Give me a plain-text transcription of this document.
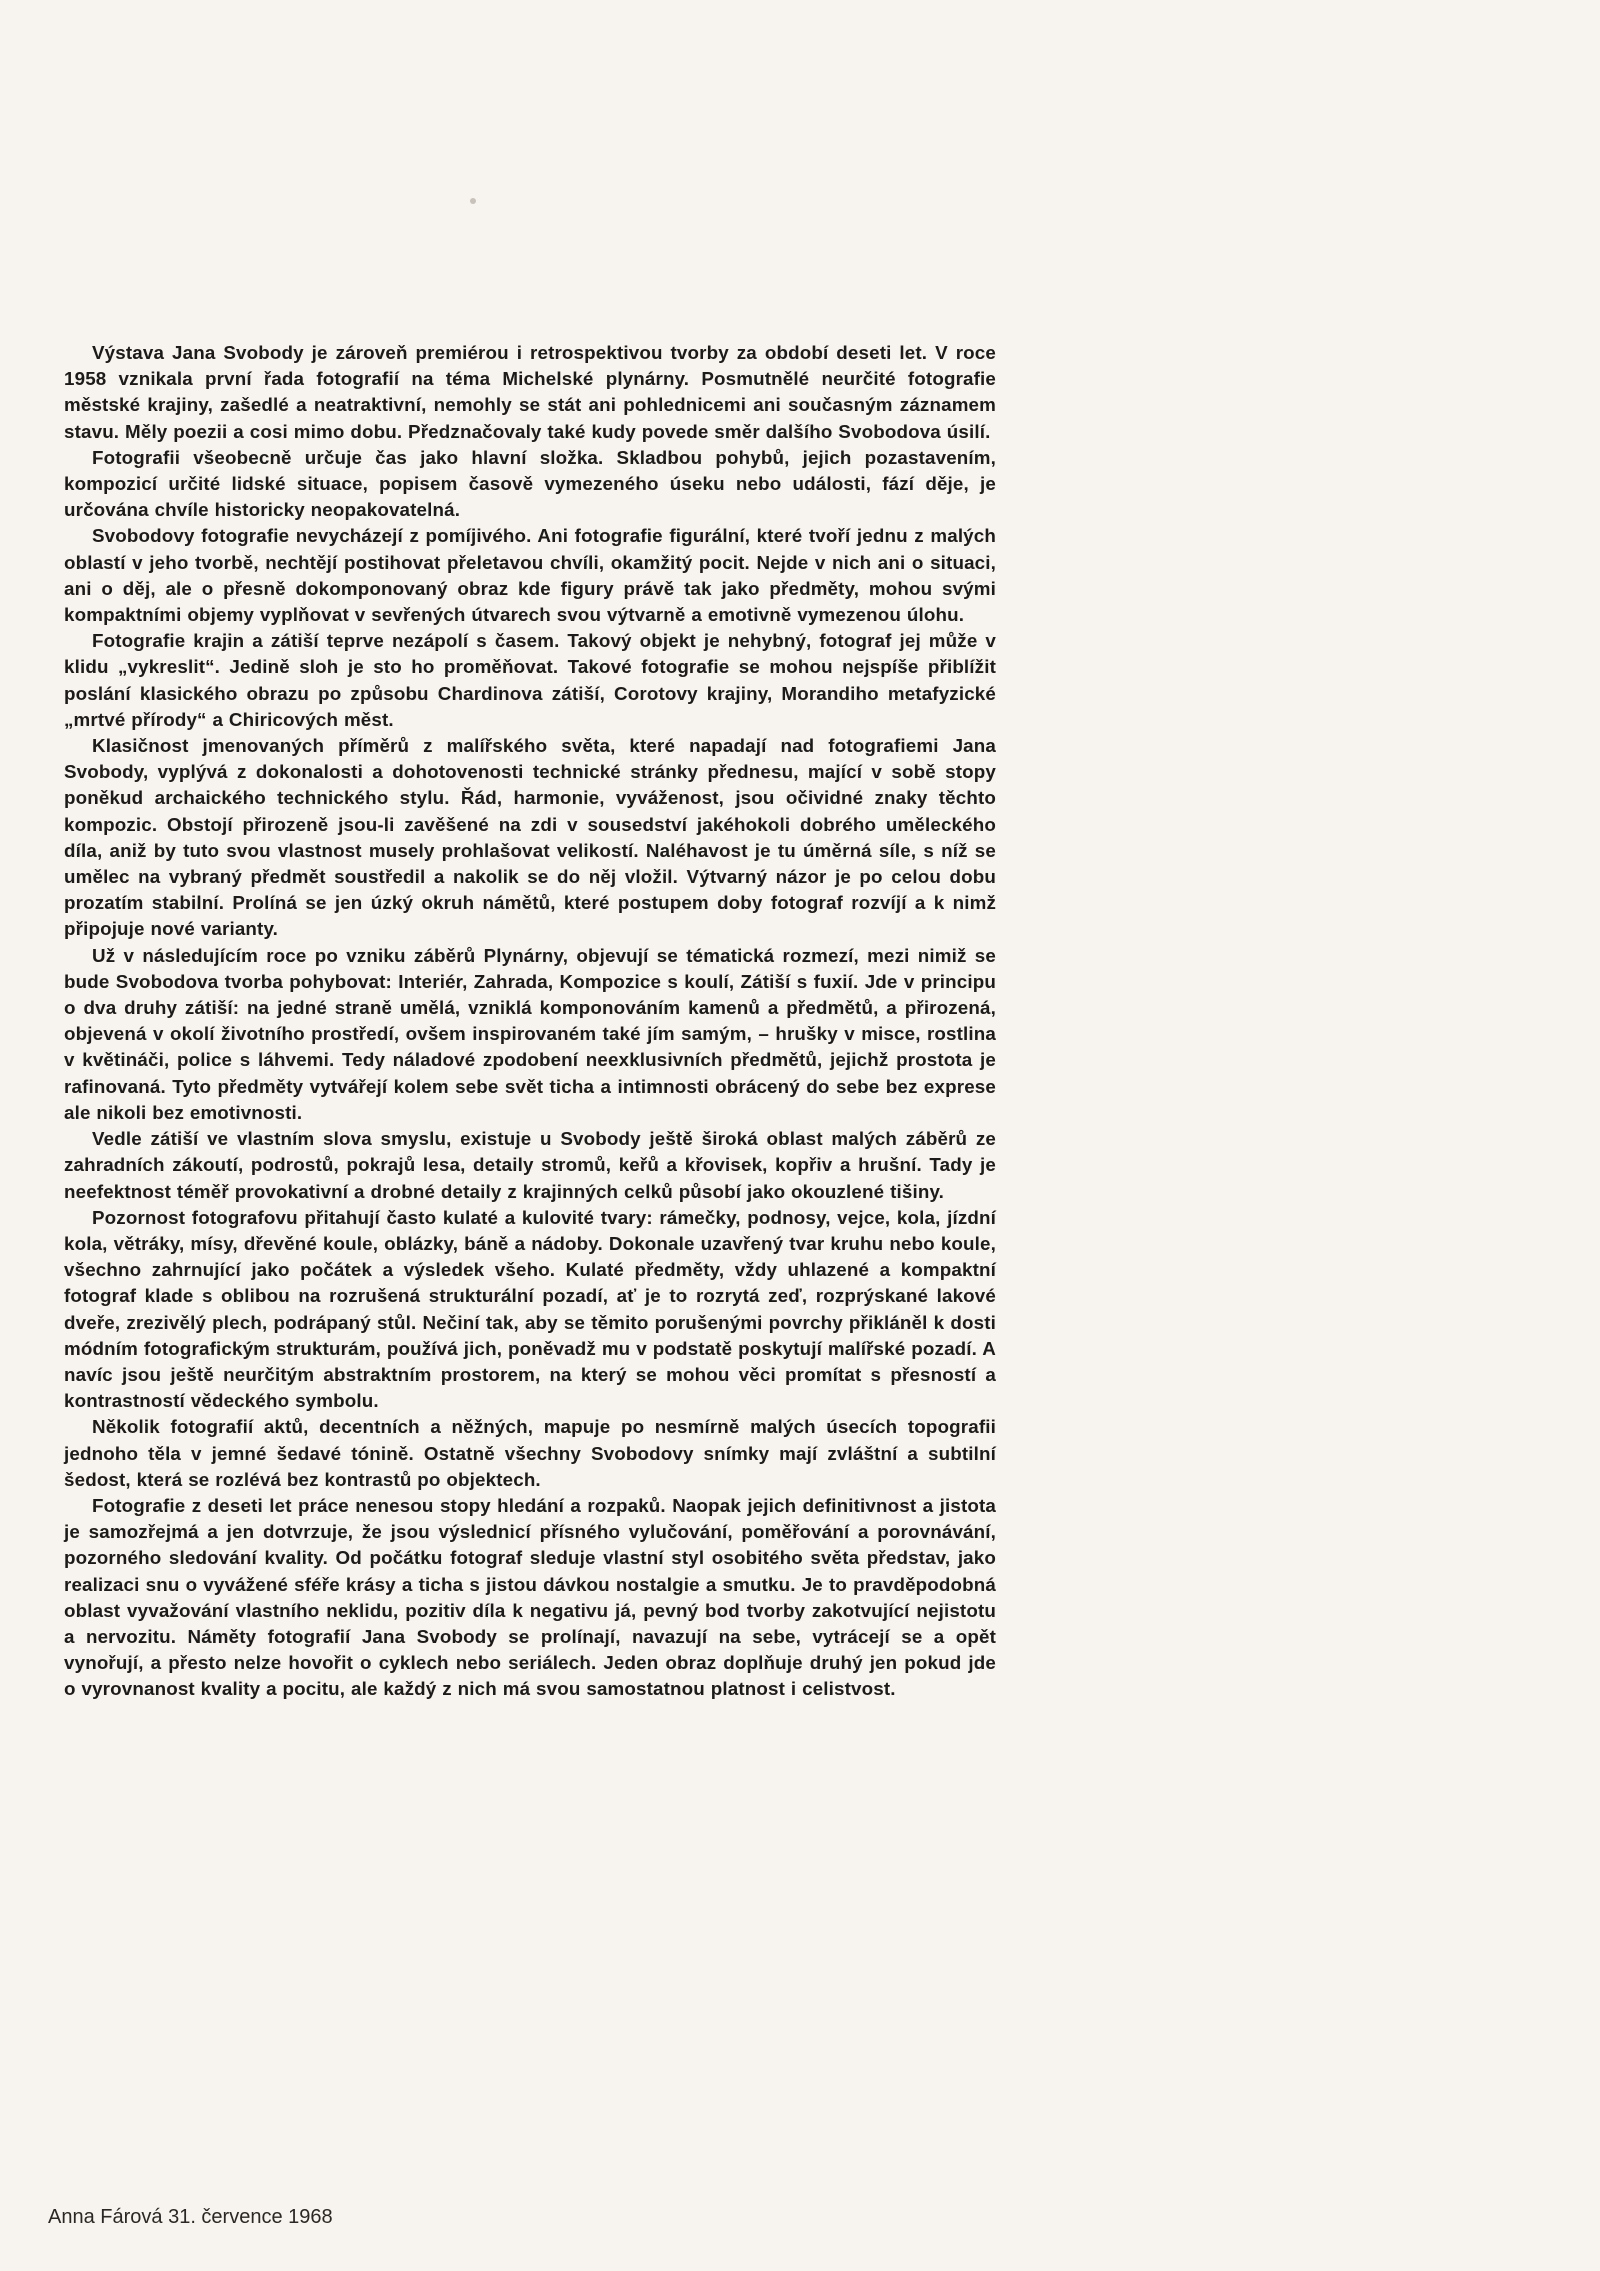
Výstava Jana Svobody je zároveň premiérou i retrospektivou tvorby za období deseti let. V roce 1958 vznikala první řada fotografií na téma Michelské plynárny. Posmutnělé neurčité fotografie městské krajiny, zašedlé a neatraktivní, nemohly se stát ani pohlednicemi ani současným záznamem stavu. Měly poezii a cosi mimo dobu. Předznačovaly také kudy povede směr dalšího Svobodova úsilí.

Fotografii všeobecně určuje čas jako hlavní složka. Skladbou pohybů, jejich pozastavením, kompozicí určité lidské situace, popisem časově vymezeného úseku nebo události, fází děje, je určována chvíle historicky neopakovatelná.

Svobodovy fotografie nevycházejí z pomíjivého. Ani fotografie figurální, které tvoří jednu z malých oblastí v jeho tvorbě, nechtějí postihovat přeletavou chvíli, okamžitý pocit. Nejde v nich ani o situaci, ani o děj, ale o přesně dokomponovaný obraz kde figury právě tak jako předměty, mohou svými kompaktními objemy vyplňovat v sevřených útvarech svou výtvarně a emotivně vymezenou úlohu.

Fotografie krajin a zátiší teprve nezápolí s časem. Takový objekt je nehybný, fotograf jej může v klidu „vykreslit“. Jedině sloh je sto ho proměňovat. Takové fotografie se mohou nejspíše přiblížit poslání klasického obrazu po způsobu Chardinova zátiší, Corotovy krajiny, Morandiho metafyzické „mrtvé přírody“ a Chiricových měst.

Klasičnost jmenovaných příměrů z malířského světa, které napadají nad fotografiemi Jana Svobody, vyplývá z dokonalosti a dohotovenosti technické stránky přednesu, mající v sobě stopy poněkud archaického technického stylu. Řád, harmonie, vyváženost, jsou očividné znaky těchto kompozic. Obstojí přirozeně jsou-li zavěšené na zdi v sousedství jakéhokoli dobrého uměleckého díla, aniž by tuto svou vlastnost musely prohlašovat velikostí. Naléhavost je tu úměrná síle, s níž se umělec na vybraný předmět soustředil a nakolik se do něj vložil. Výtvarný názor je po celou dobu prozatím stabilní. Prolíná se jen úzký okruh námětů, které postupem doby fotograf rozvíjí a k nimž připojuje nové varianty.

Už v následujícím roce po vzniku záběrů Plynárny, objevují se tématická rozmezí, mezi nimiž se bude Svobodova tvorba pohybovat: Interiér, Zahrada, Kompozice s koulí, Zátiší s fuxií. Jde v principu o dva druhy zátiší: na jedné straně umělá, vzniklá komponováním kamenů a předmětů, a přirozená, objevená v okolí životního prostředí, ovšem inspirovaném také jím samým, – hrušky v misce, rostlina v květináči, police s láhvemi. Tedy náladové zpodobení neexklusivních předmětů, jejichž prostota je rafinovaná. Tyto předměty vytvářejí kolem sebe svět ticha a intimnosti obrácený do sebe bez exprese ale nikoli bez emotivnosti.

Vedle zátiší ve vlastním slova smyslu, existuje u Svobody ještě široká oblast malých záběrů ze zahradních zákoutí, podrostů, pokrajů lesa, detaily stromů, keřů a křovisek, kopřiv a hrušní. Tady je neefektnost téměř provokativní a drobné detaily z krajinných celků působí jako okouzlené tišiny.

Pozornost fotografovu přitahují často kulaté a kulovité tvary: rámečky, podnosy, vejce, kola, jízdní kola, větráky, mísy, dřevěné koule, oblázky, báně a nádoby. Dokonale uzavřený tvar kruhu nebo koule, všechno zahrnující jako počátek a výsledek všeho. Kulaté předměty, vždy uhlazené a kompaktní fotograf klade s oblibou na rozrušená strukturální pozadí, ať je to rozrytá zeď, rozprýskané lakové dveře, zrezivělý plech, podrápaný stůl. Nečiní tak, aby se těmito porušenými povrchy přikláněl k dosti módním fotografickým strukturám, používá jich, poněvadž mu v podstatě poskytují malířské pozadí. A navíc jsou ještě neurčitým abstraktním prostorem, na který se mohou věci promítat s přesností a kontrastností vědeckého symbolu.

Několik fotografií aktů, decentních a něžných, mapuje po nesmírně malých úsecích topografii jednoho těla v jemné šedavé tónině. Ostatně všechny Svobodovy snímky mají zvláštní a subtilní šedost, která se rozlévá bez kontrastů po objektech.

Fotografie z deseti let práce nenesou stopy hledání a rozpaků. Naopak jejich definitivnost a jistota je samozřejmá a jen dotvrzuje, že jsou výslednicí přísného vylučování, poměřování a porovnávání, pozorného sledování kvality. Od počátku fotograf sleduje vlastní styl osobitého světa představ, jako realizaci snu o vyvážené sféře krásy a ticha s jistou dávkou nostalgie a smutku. Je to pravděpodobná oblast vyvažování vlastního neklidu, pozitiv díla k negativu já, pevný bod tvorby zakotvující nejistotu a nervozitu. Náměty fotografií Jana Svobody se prolínají, navazují na sebe, vytrácejí se a opět vynořují, a přesto nelze hovořit o cyklech nebo seriálech. Jeden obraz doplňuje druhý jen pokud jde o vyrovnanost kvality a pocitu, ale každý z nich má svou samostatnou platnost i celistvost.

Anna Fárová 31. července 1968
